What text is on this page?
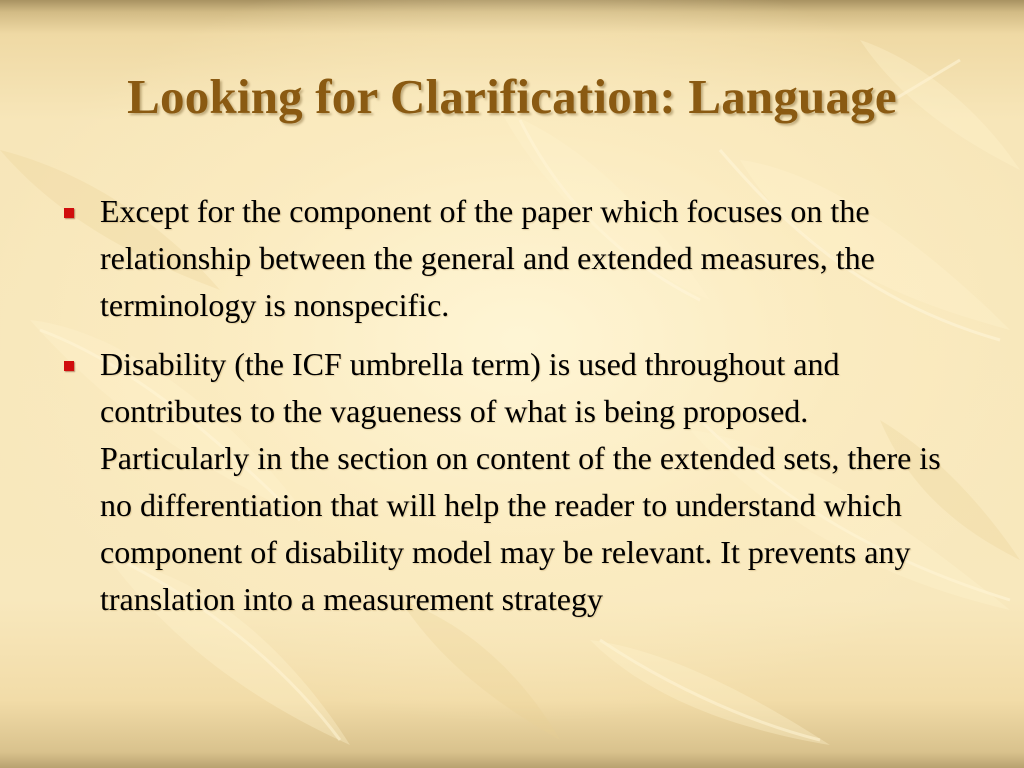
Looking for Clarification: Language
Except for the component of the paper which focuses on the relationship between the general and extended measures, the terminology is nonspecific.
Disability (the ICF umbrella term) is used throughout and contributes to the vagueness of what is being proposed. Particularly in the section on content of the extended sets, there is no differentiation that will help the reader to understand which component of disability model may be relevant. It prevents any translation into a measurement strategy
